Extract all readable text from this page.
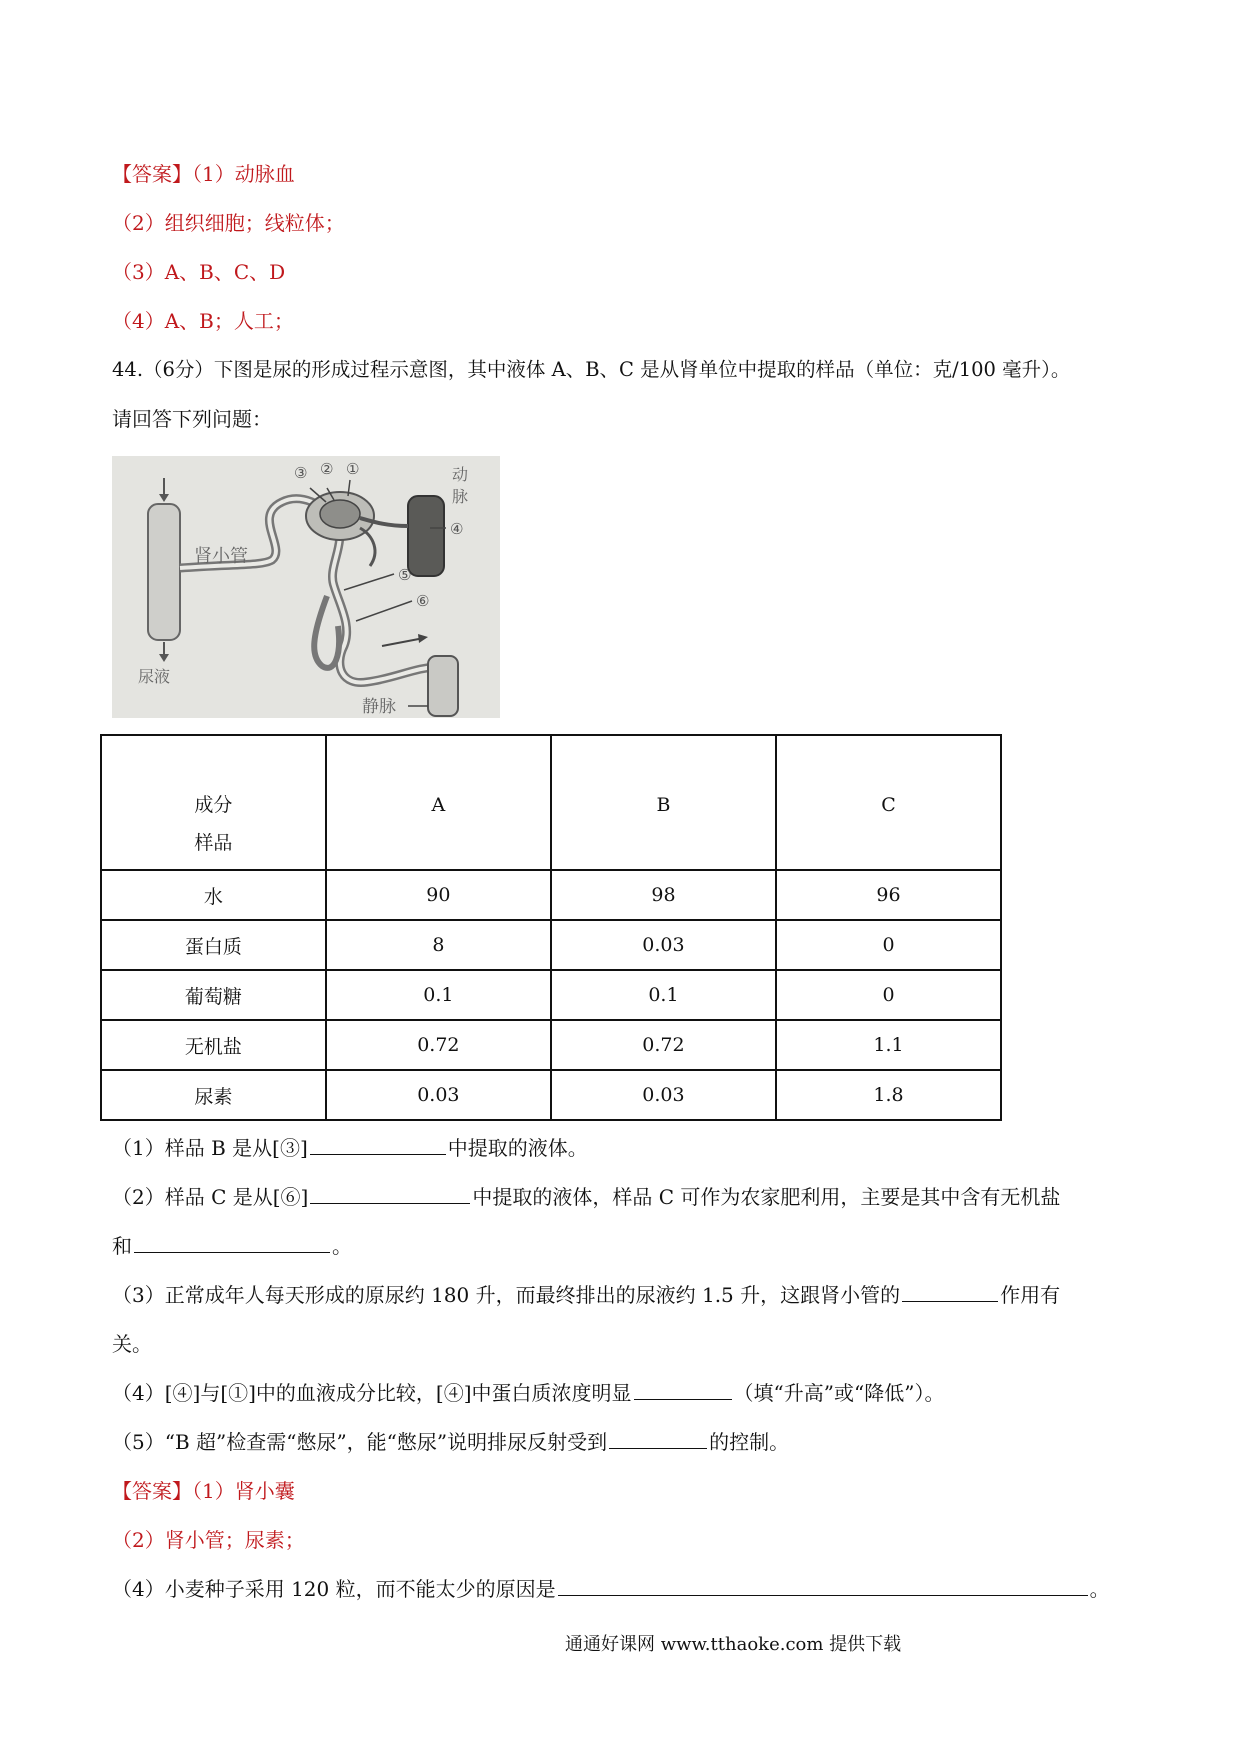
【答案】（1）动脉血
（2）组织细胞；线粒体；
（3）A、B、C、D
（4）A、B；人工；
44.（6分）下图是尿的形成过程示意图，其中液体 A、B、C 是从肾单位中提取的样品（单位：克/100 毫升）。
请回答下列问题：
③ ② ①	动
脉
④
肾小管
⑤
⑥
尿液
静脉
成分
样品	A	B	C
水	90	98	96
蛋白质	8	0.03	0
葡萄糖	0.1	0.1	0
无机盐	0.72	0.72	1.1
尿素	0.03	0.03	1.8
（1）样品 B 是从[③]	中提取的液体。
（2）样品 C 是从[⑥]	中提取的液体，样品 C 可作为农家肥利用，主要是其中含有无机盐
和	。
（3）正常成年人每天形成的原尿约 180 升，而最终排出的尿液约 1.5 升，这跟肾小管的	作用有
关。
（4）[④]与[①]中的血液成分比较，[④]中蛋白质浓度明显	（填“升高”或“降低”）。
（5）“B 超”检查需“憋尿”，能“憋尿”说明排尿反射受到	的控制。
【答案】（1）肾小囊
（2）肾小管；尿素；
（4）小麦种子采用 120 粒，而不能太少的原因是	。
通通好课网 www.tthaoke.com 提供下载
